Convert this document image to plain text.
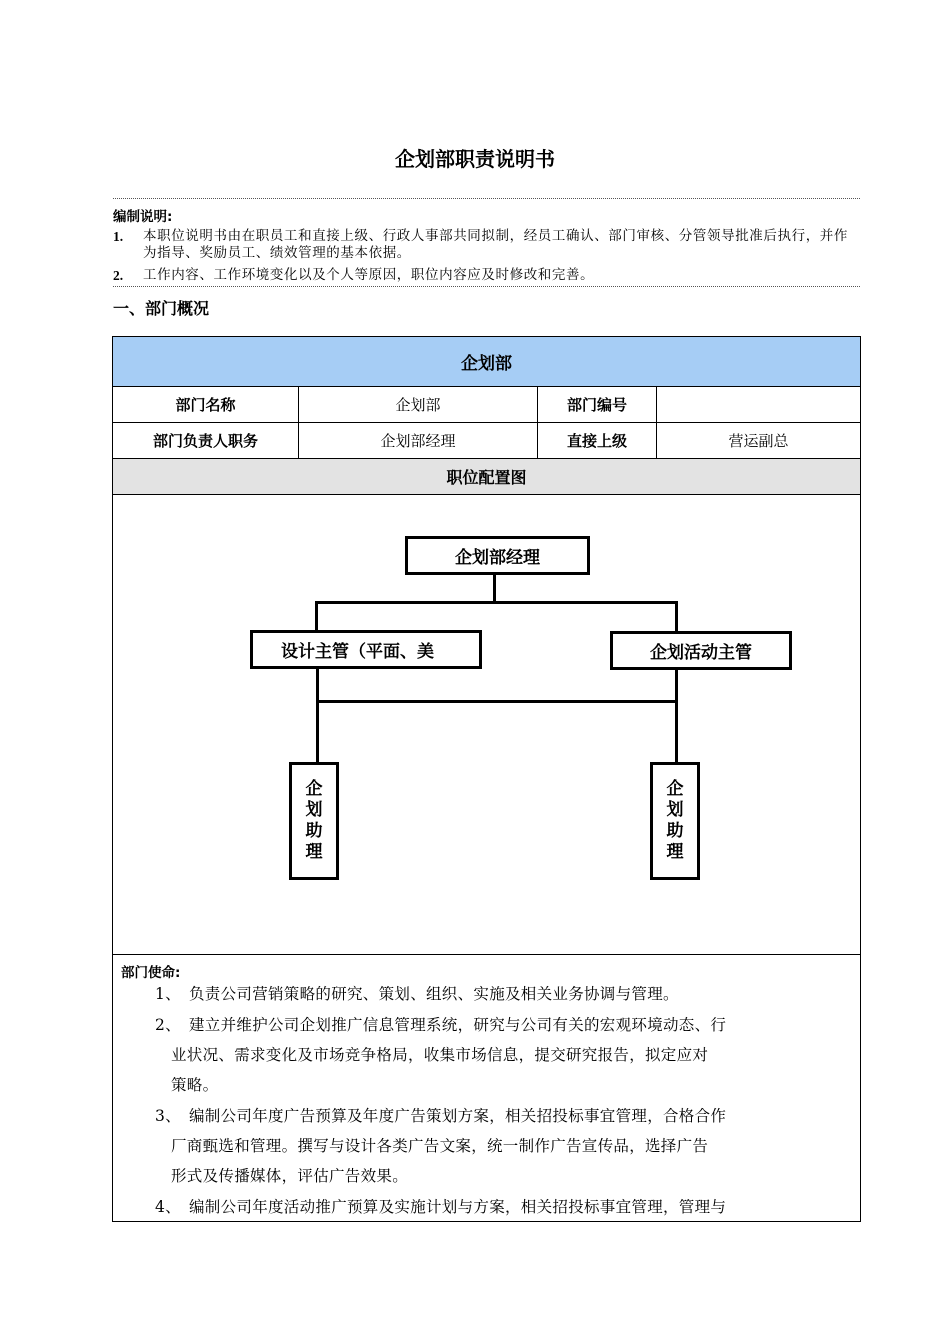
企划部职责说明书
编制说明:
1. 本职位说明书由在职员工和直接上级、行政人事部共同拟制，经员工确认、部门审核、分管领导批准后执行，并作为指导、奖励员工、绩效管理的基本依据。
2. 工作内容、工作环境变化以及个人等原因，职位内容应及时修改和完善。
一、部门概况
企划部
部门名称	企划部	部门编号
部门负责人职务	企划部经理	直接上级	营运副总
职位配置图
企划部经理
设计主管（平面、美	企划活动主管
企
划
助
理
企
划
助
理
部门使命:
1、 负责公司营销策略的研究、策划、组织、实施及相关业务协调与管理。
2、 建立并维护公司企划推广信息管理系统，研究与公司有关的宏观环境动态、行
业状况、需求变化及市场竞争格局，收集市场信息，提交研究报告，拟定应对
策略。
3、 编制公司年度广告预算及年度广告策划方案，相关招投标事宜管理，合格合作
厂商甄选和管理。撰写与设计各类广告文案，统一制作广告宣传品，选择广告
形式及传播媒体，评估广告效果。
4、 编制公司年度活动推广预算及实施计划与方案，相关招投标事宜管理，管理与
